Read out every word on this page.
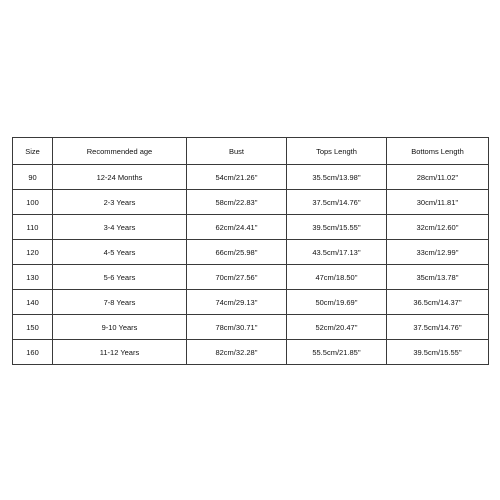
Size	Recommended age	Bust	Tops Length	Bottoms Length
90	12-24 Months	54cm/21.26''	35.5cm/13.98''	28cm/11.02''
100	2-3 Years	58cm/22.83''	37.5cm/14.76''	30cm/11.81''
110	3-4 Years	62cm/24.41''	39.5cm/15.55''	32cm/12.60''
120	4-5 Years	66cm/25.98''	43.5cm/17.13''	33cm/12.99''
130	5-6 Years	70cm/27.56''	47cm/18.50''	35cm/13.78''
140	7-8 Years	74cm/29.13''	50cm/19.69''	36.5cm/14.37''
150	9-10 Years	78cm/30.71''	52cm/20.47''	37.5cm/14.76''
160	11-12 Years	82cm/32.28''	55.5cm/21.85''	39.5cm/15.55''
